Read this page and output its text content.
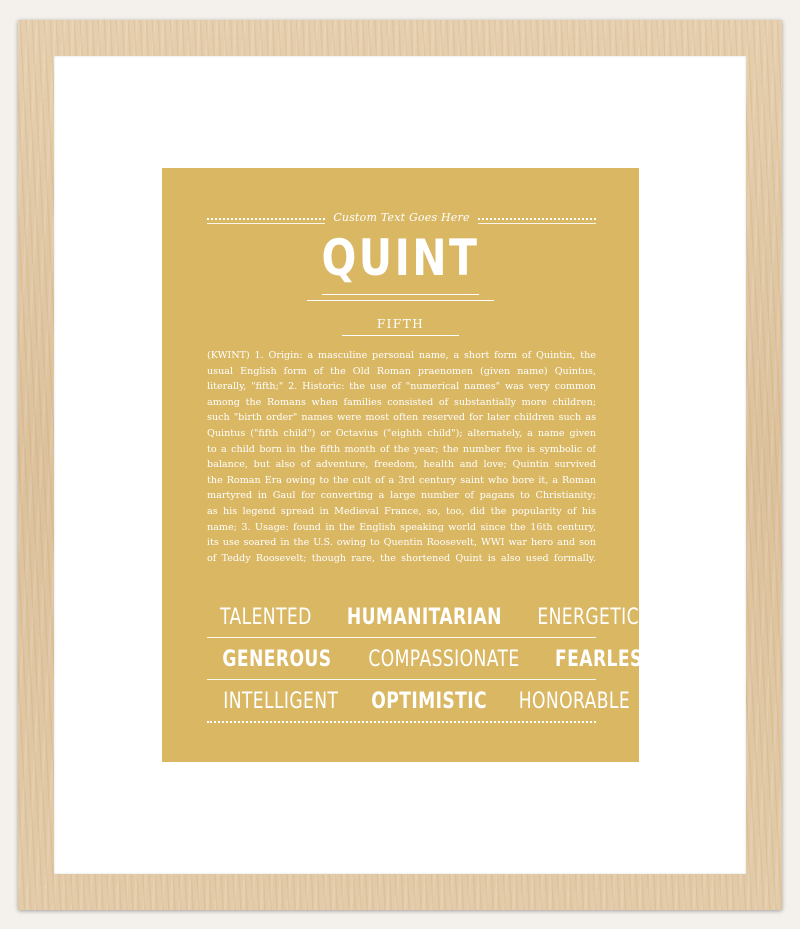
Custom Text Goes Here
QUINT
FIFTH

(KWINT) 1. Origin: a masculine personal name, a short form of Quintin, the

usual English form of the Old Roman praenomen (given name) Quintus,

literally, "fifth;" 2. Historic: the use of "numerical names" was very common

among the Romans when families consisted of substantially more children;

such "birth order" names were most often reserved for later children such as

Quintus ("fifth child") or Octavius ("eighth child"); alternately, a name given

to a child born in the fifth month of the year; the number five is symbolic of

balance, but also of adventure, freedom, health and love; Quintin survived

the Roman Era owing to the cult of a 3rd century saint who bore it, a Roman

martyred in Gaul for converting a large number of pagans to Christianity;

as his legend spread in Medieval France, so, too, did the popularity of his

name; 3. Usage: found in the English speaking world since the 16th century,

its use soared in the U.S. owing to Quentin Roosevelt, WWI war hero and son

of Teddy Roosevelt; though rare, the shortened Quint is also used formally.

TALENTED HUMANITARIAN ENERGETIC
GENEROUS COMPASSIONATE FEARLESS
INTELLIGENT OPTIMISTIC HONORABLE
